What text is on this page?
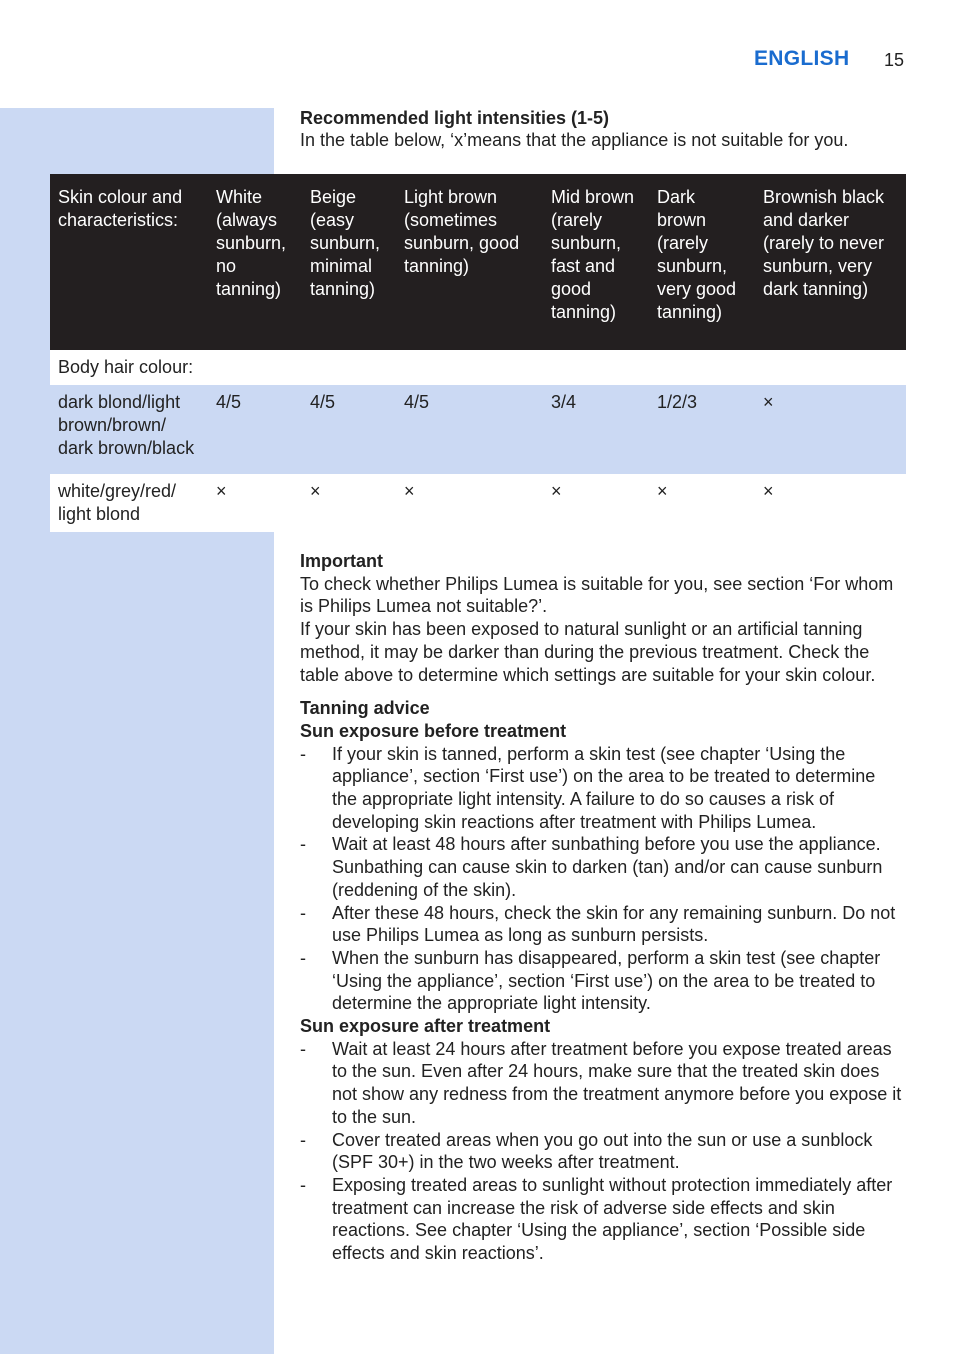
ENGLISH 15
Recommended light intensities (1-5)
In the table below, ‘x’means that the appliance is not suitable for you.
Skin colour and characteristics:	White (always sunburn, no tanning)	Beige (easy sunburn, minimal tanning)	Light brown (sometimes sunburn, good tanning)	Mid brown (rarely sunburn, fast and good tanning)	Dark brown (rarely sunburn, very good tanning)	Brownish black and darker (rarely to never sunburn, very dark tanning)
Body hair colour:						
dark blond/light brown/brown/ dark brown/black	4/5	4/5	4/5	3/4	1/2/3	×
white/grey/red/ light blond	×	×	×	×	×	×

Important

To check whether Philips Lumea is suitable for you, see section ‘For whom is Philips Lumea not suitable?’.

If your skin has been exposed to natural sunlight or an artificial tanning method, it may be darker than during the previous treatment. Check the table above to determine which settings are suitable for your skin colour.

Tanning advice

Sun exposure before treatment

- If your skin is tanned, perform a skin test (see chapter ‘Using the appliance’, section ‘First use’) on the area to be treated to determine the appropriate light intensity. A failure to do so causes a risk of developing skin reactions after treatment with Philips Lumea.
- Wait at least 48 hours after sunbathing before you use the appliance. Sunbathing can cause skin to darken (tan) and/or can cause sunburn (reddening of the skin).
- After these 48 hours, check the skin for any remaining sunburn. Do not use Philips Lumea as long as sunburn persists.
- When the sunburn has disappeared, perform a skin test (see chapter ‘Using the appliance’, section ‘First use’) on the area to be treated to determine the appropriate light intensity.

Sun exposure after treatment

- Wait at least 24 hours after treatment before you expose treated areas to the sun. Even after 24 hours, make sure that the treated skin does not show any redness from the treatment anymore before you expose it to the sun.
- Cover treated areas when you go out into the sun or use a sunblock (SPF 30+) in the two weeks after treatment.
- Exposing treated areas to sunlight without protection immediately after treatment can increase the risk of adverse side effects and skin reactions. See chapter ‘Using the appliance’, section ‘Possible side effects and skin reactions’.
